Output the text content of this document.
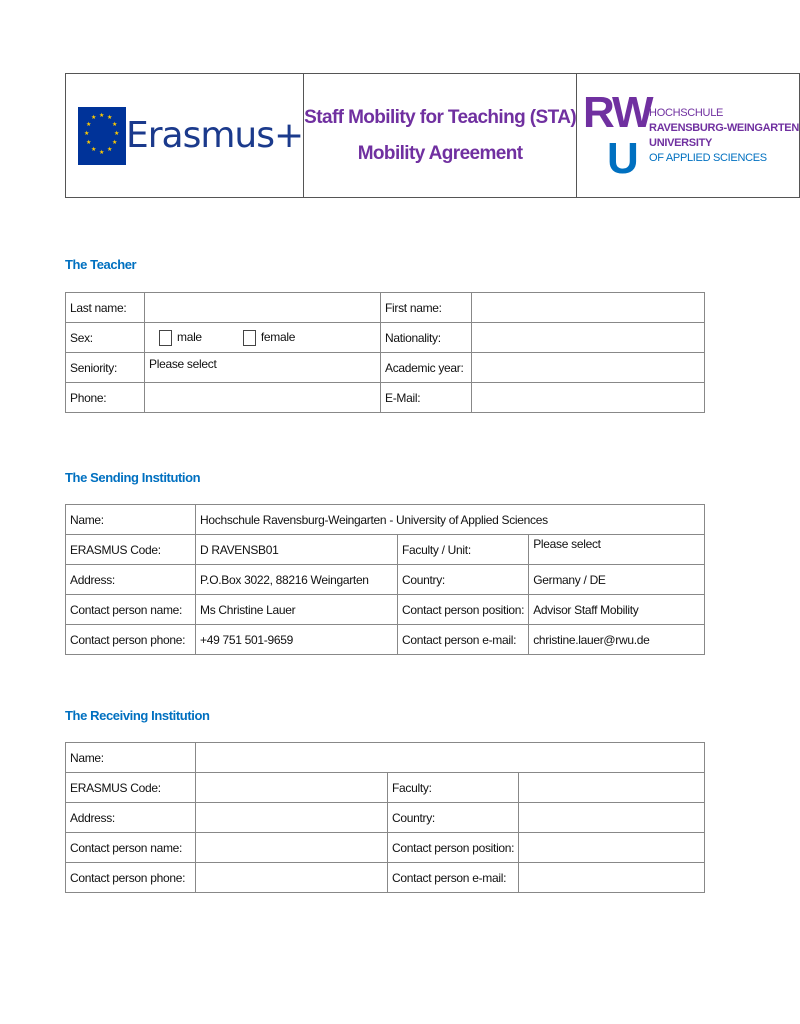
★ ★
★
★
★
★
★
★
★
★
★
★ Erasmus+	Staff Mobility for Teaching (STA)
Mobility Agreement

RW
U
HOCHSCHULE
RAVENSBURG-WEINGARTEN
UNIVERSITY
OF APPLIED SCIENCES
The Teacher
Last name:		First name:	
Sex:	male female	Nationality:	
Seniority:	Please select	Academic year:	
Phone:		E-Mail:	
The Sending Institution
Name:	Hochschule Ravensburg-Weingarten - University of Applied Sciences		
ERASMUS Code:	D RAVENSB01	Faculty / Unit:	Please select
Address:	P.O.Box 3022, 88216 Weingarten	Country:	Germany / DE
Contact person name:	Ms Christine Lauer	Contact person position:	Advisor Staff Mobility
Contact person phone:	+49 751 501-9659	Contact person e-mail:	christine.lauer@rwu.de
The Receiving Institution
Name:			
ERASMUS Code:		Faculty:	
Address:		Country:	
Contact person name:		Contact person position:	
Contact person phone:		Contact person e-mail:	
